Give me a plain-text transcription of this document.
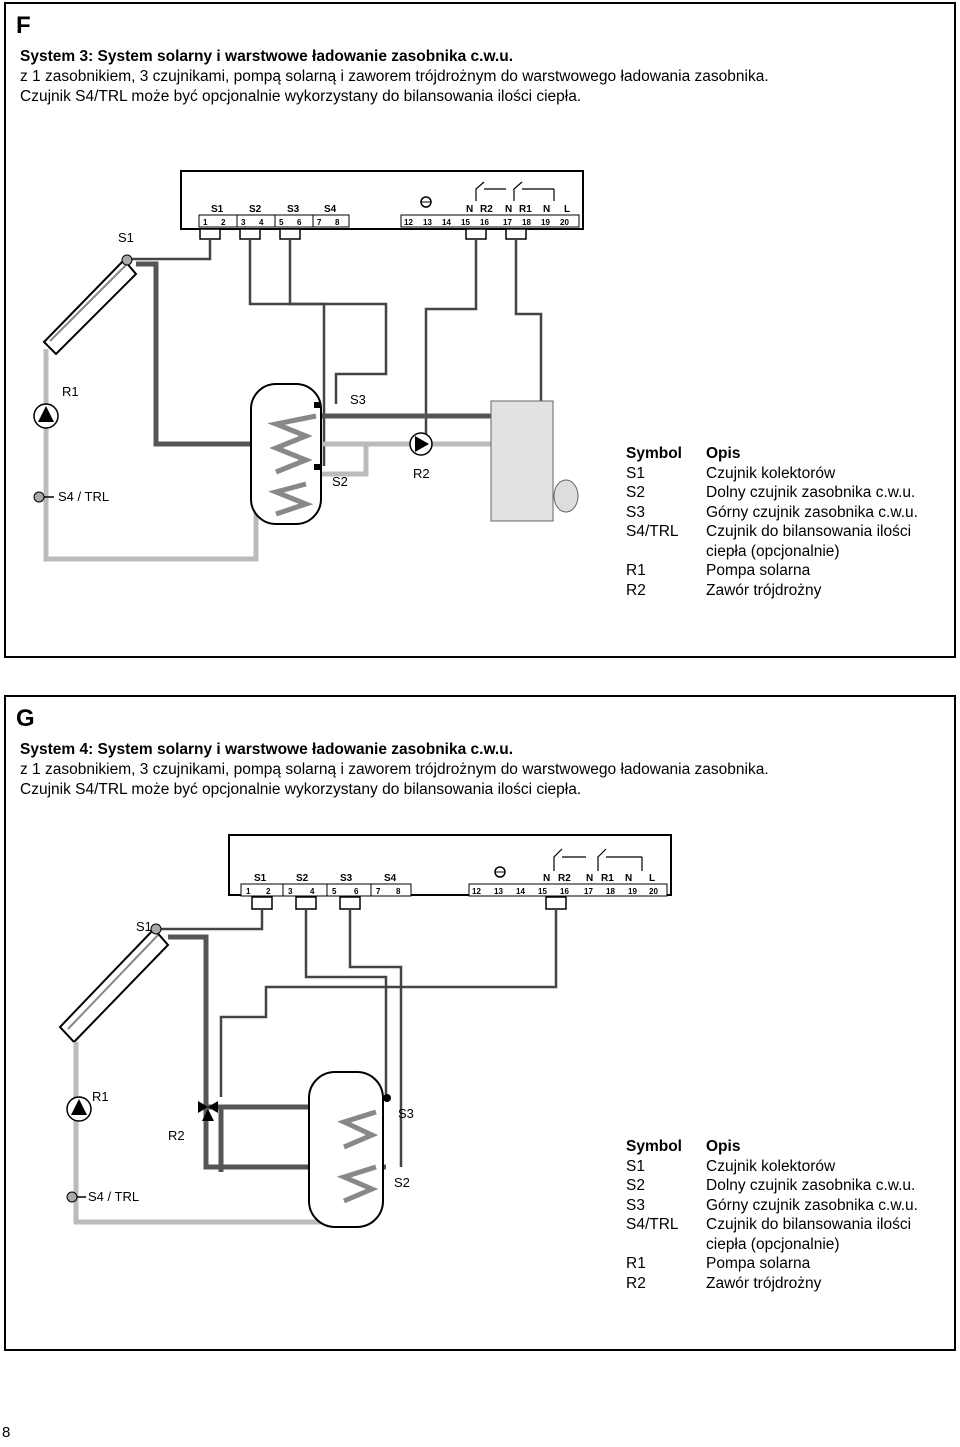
F
System 3: System solarny i warstwowe ładowanie zasobnika c.w.u.
z 1 zasobnikiem, 3 czujnikami, pompą solarną i zaworem trójdrożnym do warstwowego ładowania zasobnika.
Czujnik S4/TRL może być opcjonalnie wykorzystany do bilansowania ilości ciepła.
S1	S2	S3 S4	N R2 N R1 N L
1 2 3 4 5 6 7 8	12 13 14 15 16 17 18 19 20
S1
R1
S4 / TRL
S3
S2
R2
Symbol	Opis
S1	Czujnik kolektorów
S2	Dolny czujnik zasobnika c.w.u.
S3	Górny czujnik zasobnika c.w.u.
S4/TRL	Czujnik do bilansowania ilości
	ciepła (opcjonalnie)
R1	Pompa solarna
R2	Zawór trójdrożny
G
System 4: System solarny i warstwowe ładowanie zasobnika c.w.u.
z 1 zasobnikiem, 3 czujnikami, pompą solarną i zaworem trójdrożnym do warstwowego ładowania zasobnika.
Czujnik S4/TRL może być opcjonalnie wykorzystany do bilansowania ilości ciepła.
S1	S2	S3	S4	N R2 N R1 N L
1 2 3 4 5 6 7 8	12 13 14 15 16 17 18 19 20
S1
R1
R2
S4 / TRL
S3
S2
Symbol	Opis
S1	Czujnik kolektorów
S2	Dolny czujnik zasobnika c.w.u.
S3	Górny czujnik zasobnika c.w.u.
S4/TRL	Czujnik do bilansowania ilości
	ciepła (opcjonalnie)
R1	Pompa solarna
R2	Zawór trójdrożny
8
